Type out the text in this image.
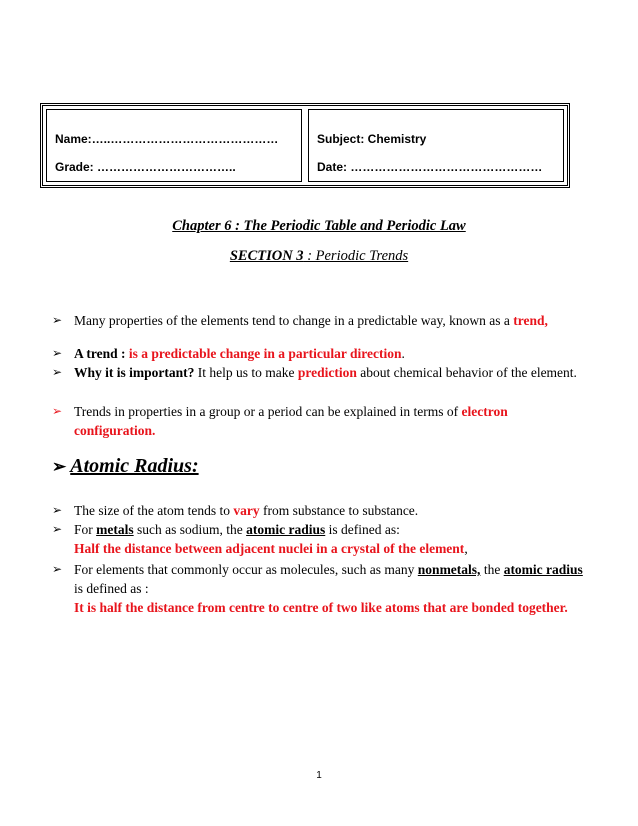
Name:…..……………………………………
Grade: ……………………………..
Subject: Chemistry
Date: …………………………………………
Chapter 6 : The Periodic Table and Periodic Law
SECTION 3 : Periodic Trends
➢ Many properties of the elements tend to change in a predictable way, known as a trend,
➢ A trend : is a predictable change in a particular direction.
➢ Why it is important? It help us to make prediction about chemical behavior of the element.
➢ Trends in properties in a group or a period can be explained in terms of electron configuration.
➢ Atomic Radius:
➢ The size of the atom tends to vary from substance to substance.
➢ For metals such as sodium, the atomic radius is defined as:
Half the distance between adjacent nuclei in a crystal of the element,
➢ For elements that commonly occur as molecules, such as many nonmetals, the atomic radius is defined as :
It is half the distance from centre to centre of two like atoms that are bonded together.
1
